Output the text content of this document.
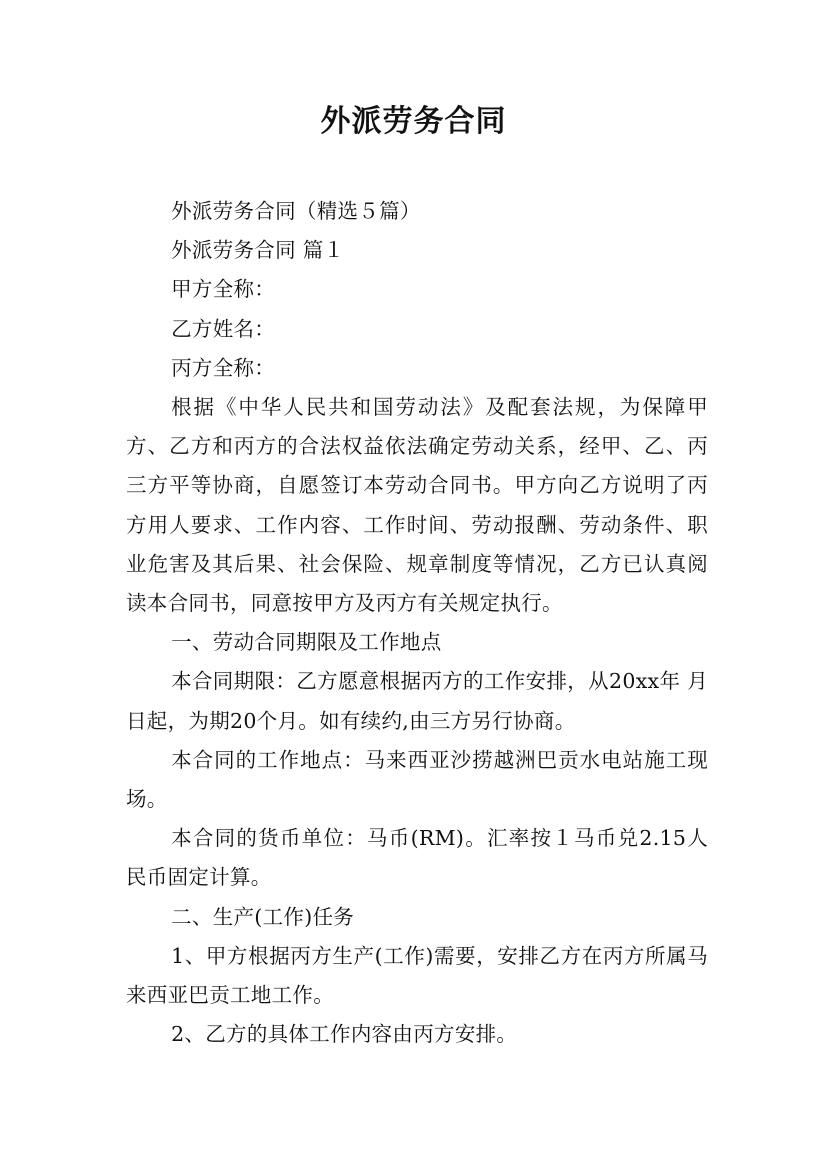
外派劳务合同

外派劳务合同（精选５篇）

外派劳务合同 篇１

甲方全称：

乙方姓名：

丙方全称：

根据《中华人民共和国劳动法》及配套法规，为保障甲方、乙方和丙方的合法权益依法确定劳动关系，经甲、乙、丙三方平等协商，自愿签订本劳动合同书。甲方向乙方说明了丙方用人要求、工作内容、工作时间、劳动报酬、劳动条件、职业危害及其后果、社会保险、规章制度等情况，乙方已认真阅读本合同书，同意按甲方及丙方有关规定执行。

一、劳动合同期限及工作地点

本合同期限：乙方愿意根据丙方的工作安排，从20xx年 月 日起，为期20个月。如有续约,由三方另行协商。

本合同的工作地点：马来西亚沙捞越洲巴贡水电站施工现场。

本合同的货币单位：马币(RM)。汇率按１马币兑2.15人民币固定计算。

二、生产(工作)任务

1、甲方根据丙方生产(工作)需要，安排乙方在丙方所属马来西亚巴贡工地工作。

2、乙方的具体工作内容由丙方安排。
